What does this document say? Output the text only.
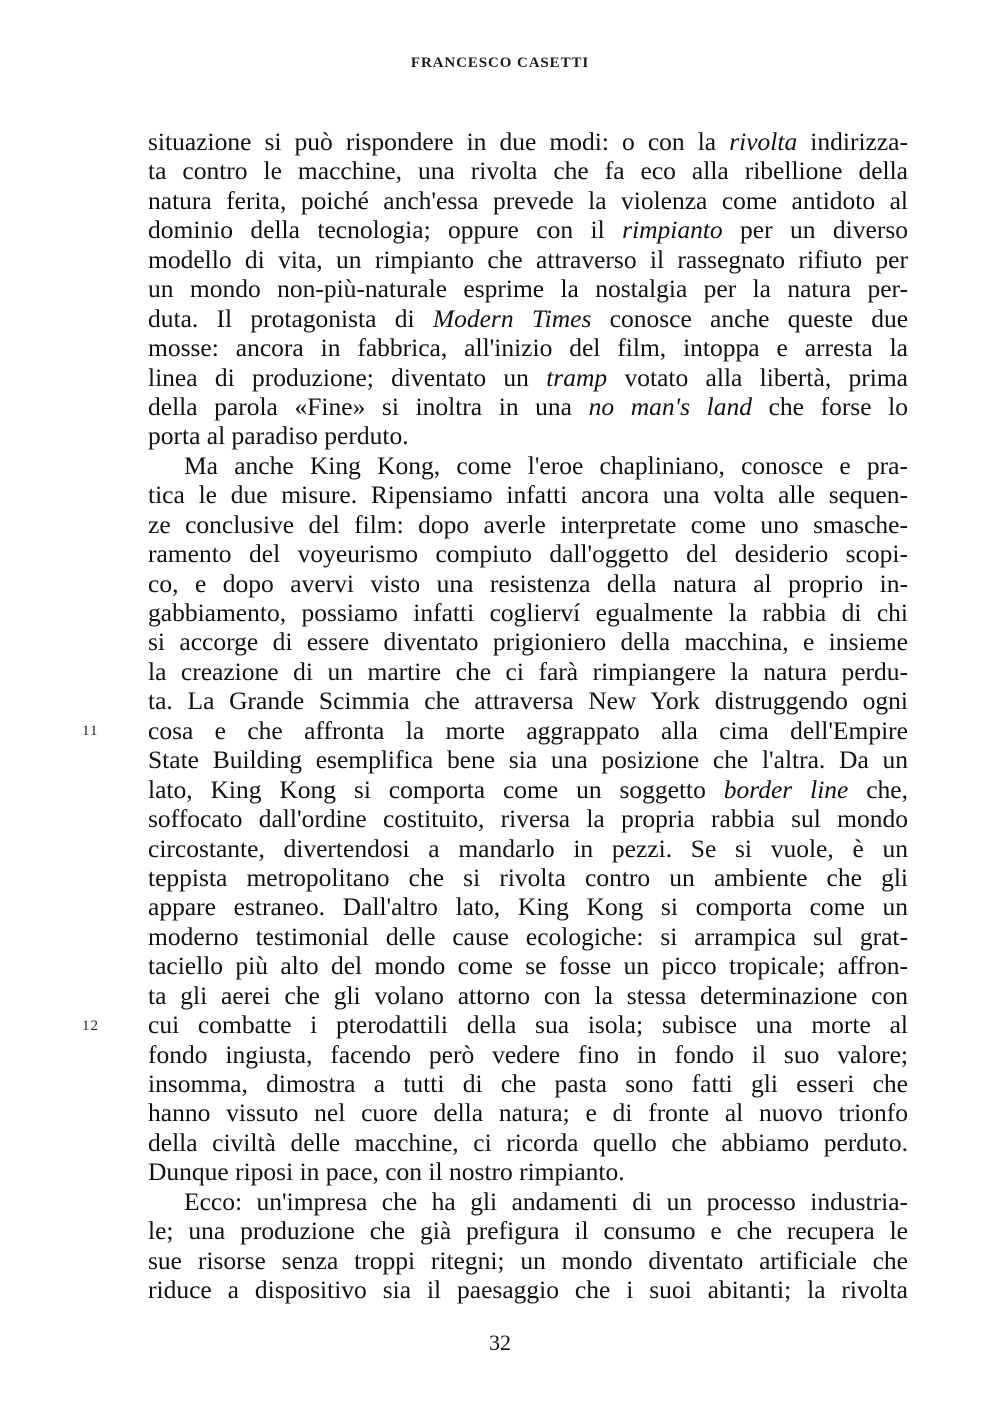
FRANCESCO CASETTI
situazione si può rispondere in due modi: o con la rivolta indirizza-
ta contro le macchine, una rivolta che fa eco alla ribellione della
natura ferita, poiché anch'essa prevede la violenza come antidoto al
dominio della tecnologia; oppure con il rimpianto per un diverso
modello di vita, un rimpianto che attraverso il rassegnato rifiuto per
un mondo non-più-naturale esprime la nostalgia per la natura per-
duta. Il protagonista di Modern Times conosce anche queste due
mosse: ancora in fabbrica, all'inizio del film, intoppa e arresta la
linea di produzione; diventato un tramp votato alla libertà, prima
della parola «Fine» si inoltra in una no man's land che forse lo
porta al paradiso perduto.
Ma anche King Kong, come l'eroe chapliniano, conosce e pra-
tica le due misure. Ripensiamo infatti ancora una volta alle sequen-
ze conclusive del film: dopo averle interpretate come uno smasche-
ramento del voyeurismo compiuto dall'oggetto del desiderio scopi-
co, e dopo avervi visto una resistenza della natura al proprio in-
gabbiamento, possiamo infatti coglierví egualmente la rabbia di chi
si accorge di essere diventato prigioniero della macchina, e insieme
la creazione di un martire che ci farà rimpiangere la natura perdu-
ta. La Grande Scimmia che attraversa New York distruggendo ogni
cosa e che affronta la morte aggrappato alla cima dell'Empire
State Building esemplifica bene sia una posizione che l'altra. Da un
lato, King Kong si comporta come un soggetto border line che,
soffocato dall'ordine costituito, riversa la propria rabbia sul mondo
circostante, divertendosi a mandarlo in pezzi. Se si vuole, è un
teppista metropolitano che si rivolta contro un ambiente che gli
appare estraneo. Dall'altro lato, King Kong si comporta come un
moderno testimonial delle cause ecologiche: si arrampica sul grat-
taciello più alto del mondo come se fosse un picco tropicale; affron-
ta gli aerei che gli volano attorno con la stessa determinazione con
cui combatte i pterodattili della sua isola; subisce una morte al
fondo ingiusta, facendo però vedere fino in fondo il suo valore;
insomma, dimostra a tutti di che pasta sono fatti gli esseri che
hanno vissuto nel cuore della natura; e di fronte al nuovo trionfo
della civiltà delle macchine, ci ricorda quello che abbiamo perduto.
Dunque riposi in pace, con il nostro rimpianto.
Ecco: un'impresa che ha gli andamenti di un processo industria-
le; una produzione che già prefigura il consumo e che recupera le
sue risorse senza troppi ritegni; un mondo diventato artificiale che
riduce a dispositivo sia il paesaggio che i suoi abitanti; la rivolta
11
12
32
